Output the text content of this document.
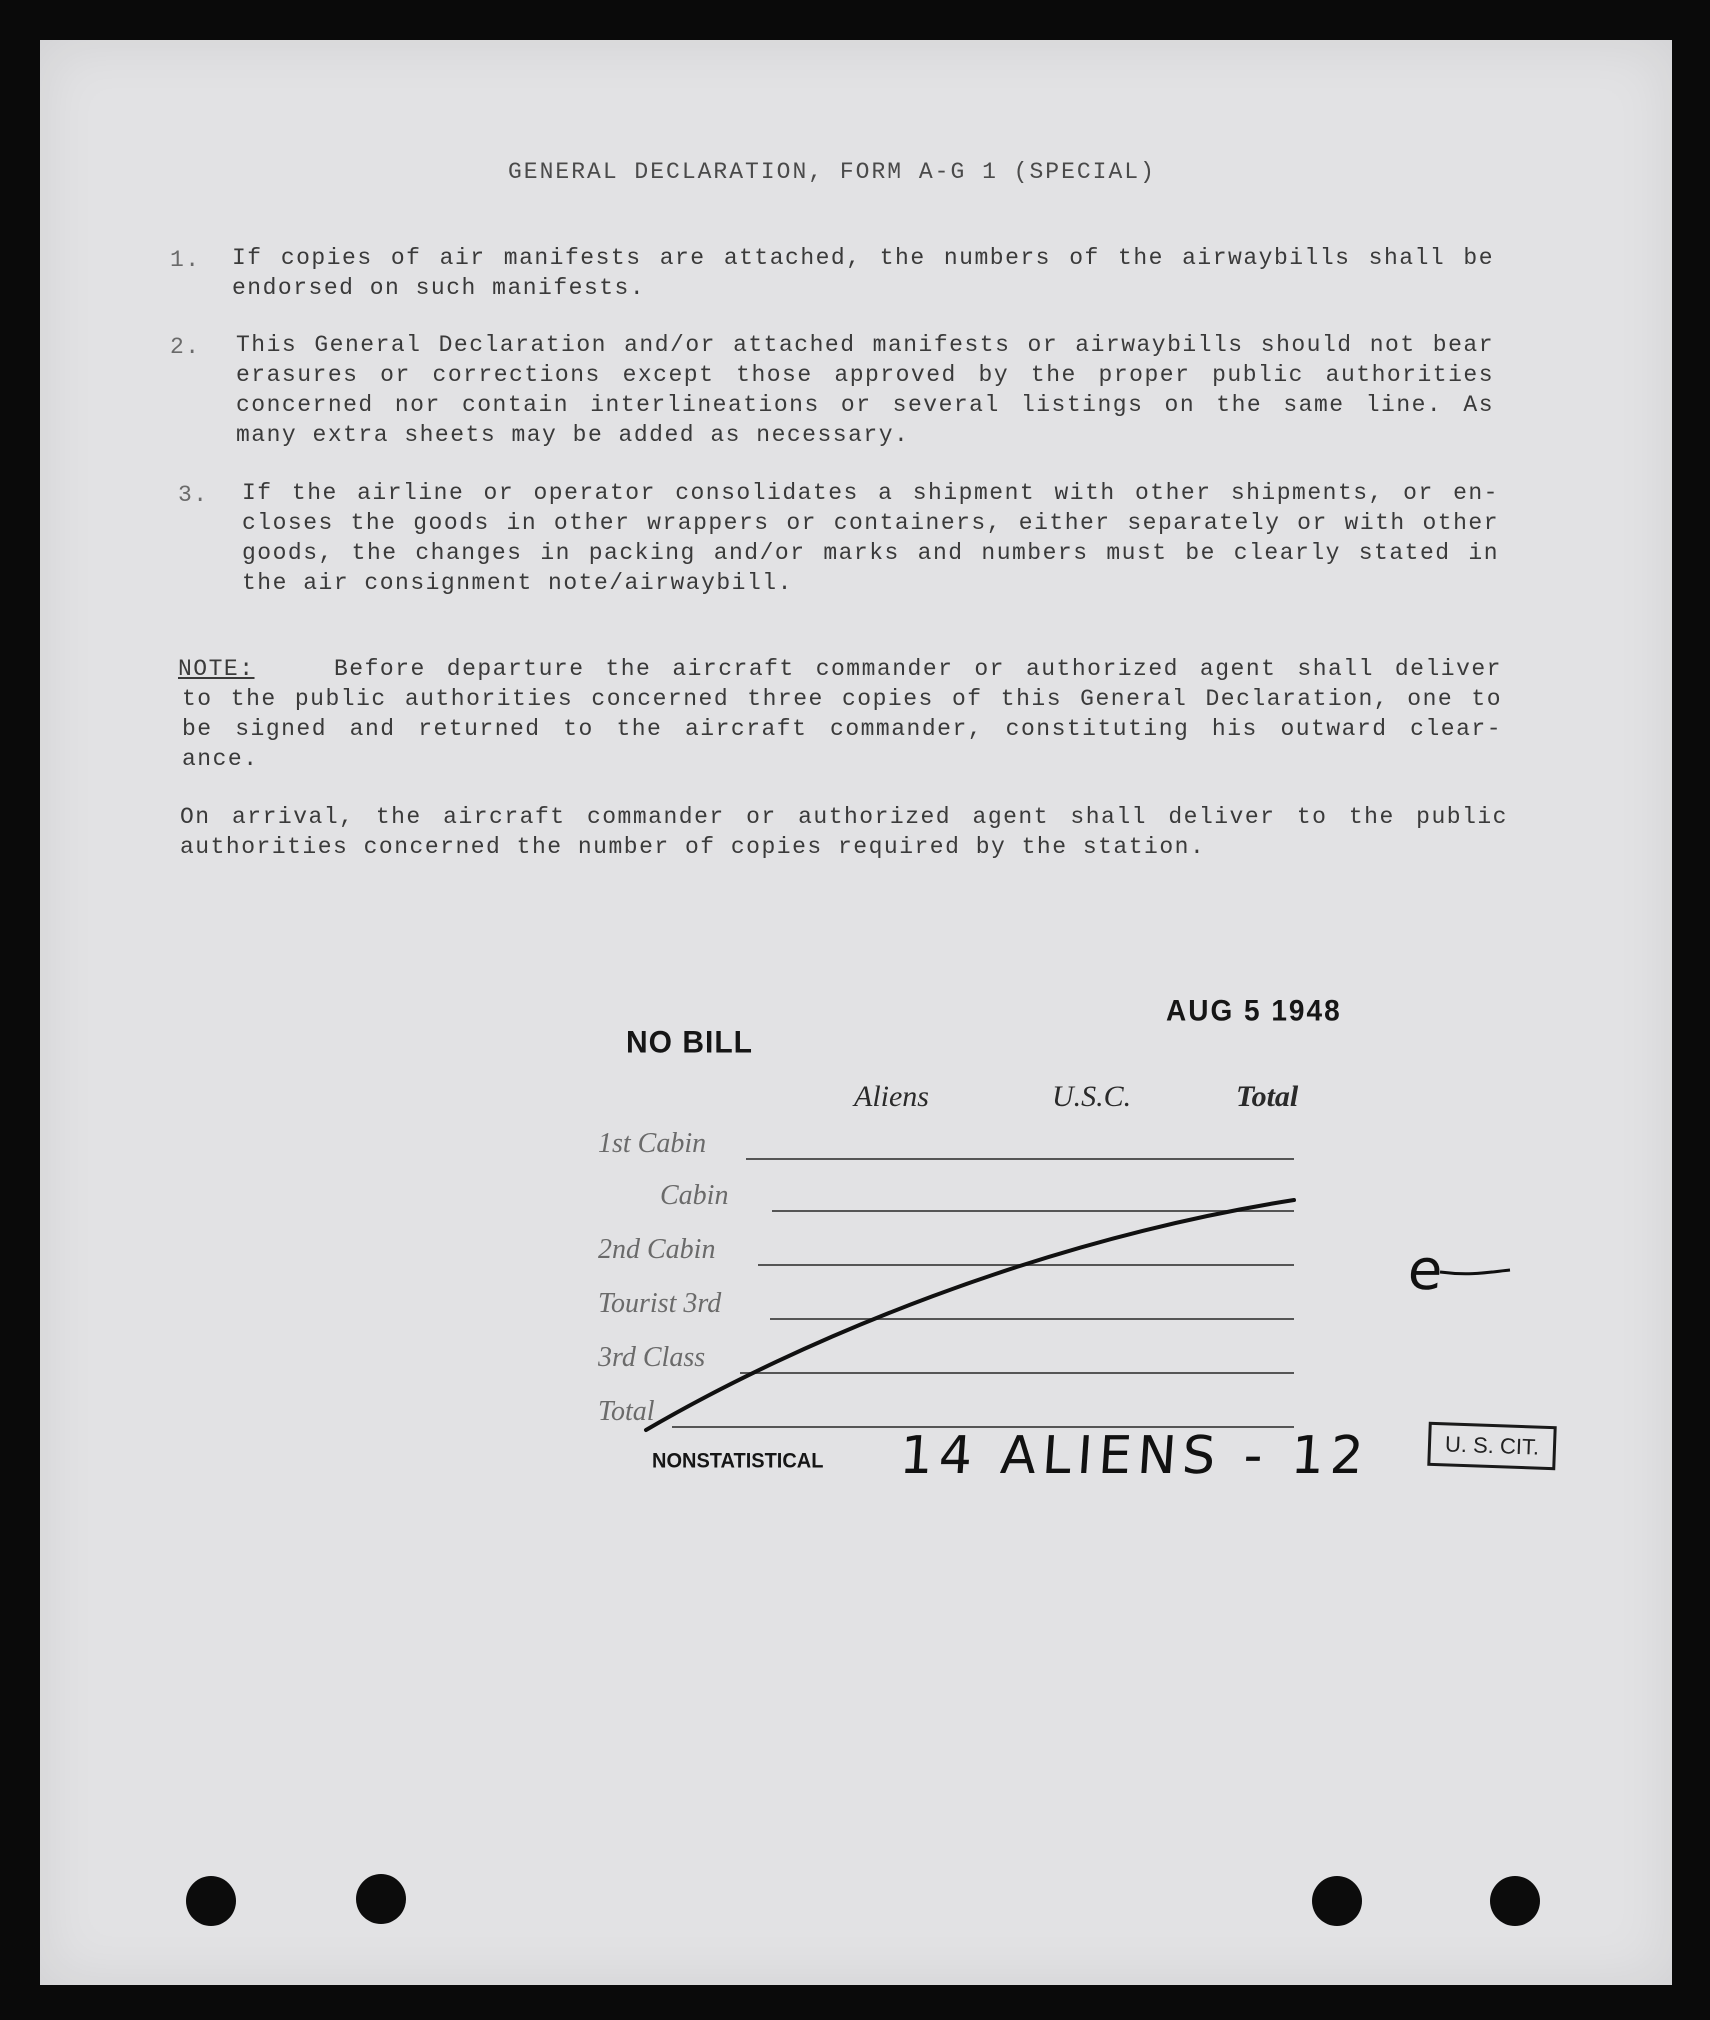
GENERAL DECLARATION, FORM A-G 1 (SPECIAL)
1. If copies of air manifests are attached, the numbers of the airwaybills shall be
endorsed on such manifests.
2. This General Declaration and/or attached manifests or airwaybills should not bear
erasures or corrections except those approved by the proper public authorities
concerned nor contain interlineations or several listings on the same line. As
many extra sheets may be added as necessary.
3. If the airline or operator consolidates a shipment with other shipments, or en-
closes the goods in other wrappers or containers, either separately or with other
goods, the changes in packing and/or marks and numbers must be clearly stated in
the air consignment note/airwaybill.
NOTE:	Before departure the aircraft commander or authorized agent shall deliver
to the public authorities concerned three copies of this General Declaration, one to
be signed and returned to the aircraft commander, constituting his outward clear-
ance.
On arrival, the aircraft commander or authorized agent shall deliver to the public
authorities concerned the number of copies required by the station.
NO BILL
AUG 5 1948
Aliens	U.S.C.	Total
1st Cabin
Cabin
2nd Cabin
Tourist 3rd
3rd Class
Total
NONSTATISTICAL 14 ALIENS - 12
e
U. S. CIT.
